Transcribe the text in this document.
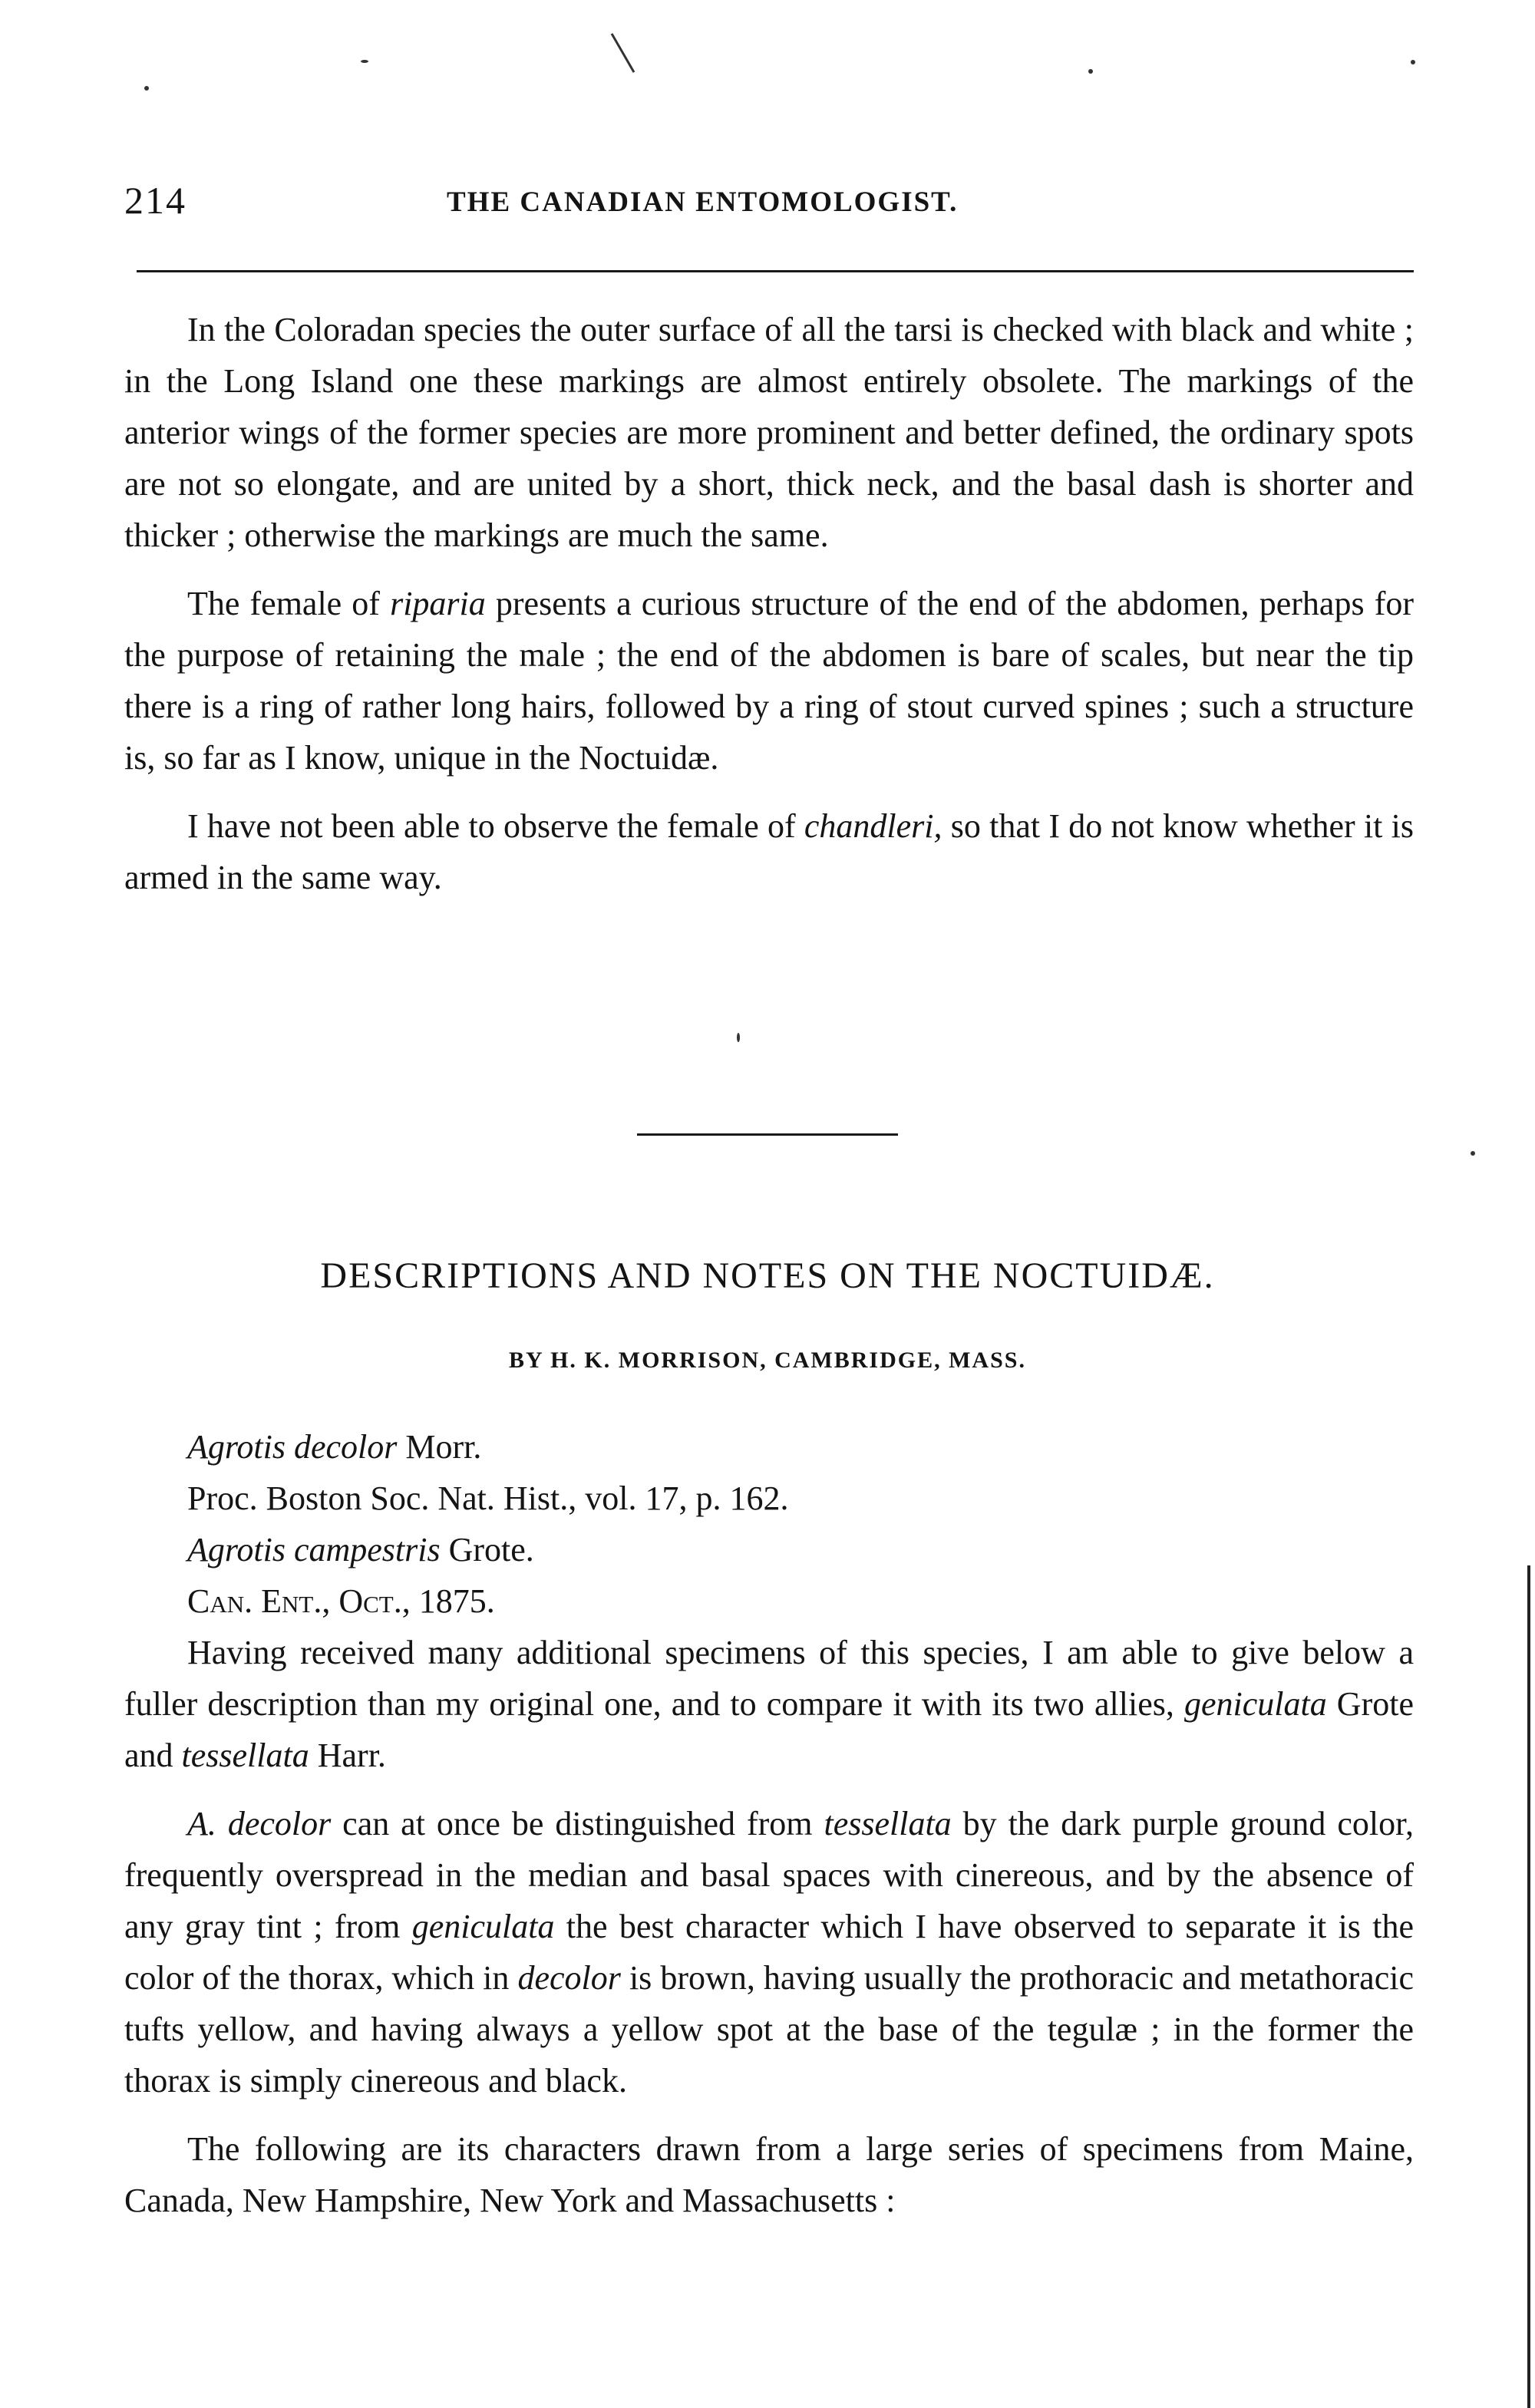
214	THE CANADIAN ENTOMOLOGIST.

In the Coloradan species the outer surface of all the tarsi is checked with black and white ; in the Long Island one these markings are almost entirely obsolete. The markings of the anterior wings of the former species are more prominent and better defined, the ordinary spots are not so elongate, and are united by a short, thick neck, and the basal dash is shorter and thicker ; otherwise the markings are much the same.

The female of riparia presents a curious structure of the end of the abdomen, perhaps for the purpose of retaining the male ; the end of the abdomen is bare of scales, but near the tip there is a ring of rather long hairs, followed by a ring of stout curved spines ; such a structure is, so far as I know, unique in the Noctuidæ.

I have not been able to observe the female of chandleri, so that I do not know whether it is armed in the same way.

DESCRIPTIONS AND NOTES ON THE NOCTUIDÆ.
BY H. K. MORRISON, CAMBRIDGE, MASS.

Agrotis decolor Morr.

Proc. Boston Soc. Nat. Hist., vol. 17, p. 162.

Agrotis campestris Grote.

Can. Ent., Oct., 1875.

Having received many additional specimens of this species, I am able to give below a fuller description than my original one, and to compare it with its two allies, geniculata Grote and tessellata Harr.

A. decolor can at once be distinguished from tessellata by the dark purple ground color, frequently overspread in the median and basal spaces with cinereous, and by the absence of any gray tint ; from geniculata the best character which I have observed to separate it is the color of the thorax, which in decolor is brown, having usually the prothoracic and metathoracic tufts yellow, and having always a yellow spot at the base of the tegulæ ; in the former the thorax is simply cinereous and black.

The following are its characters drawn from a large series of specimens from Maine, Canada, New Hampshire, New York and Massachusetts :
